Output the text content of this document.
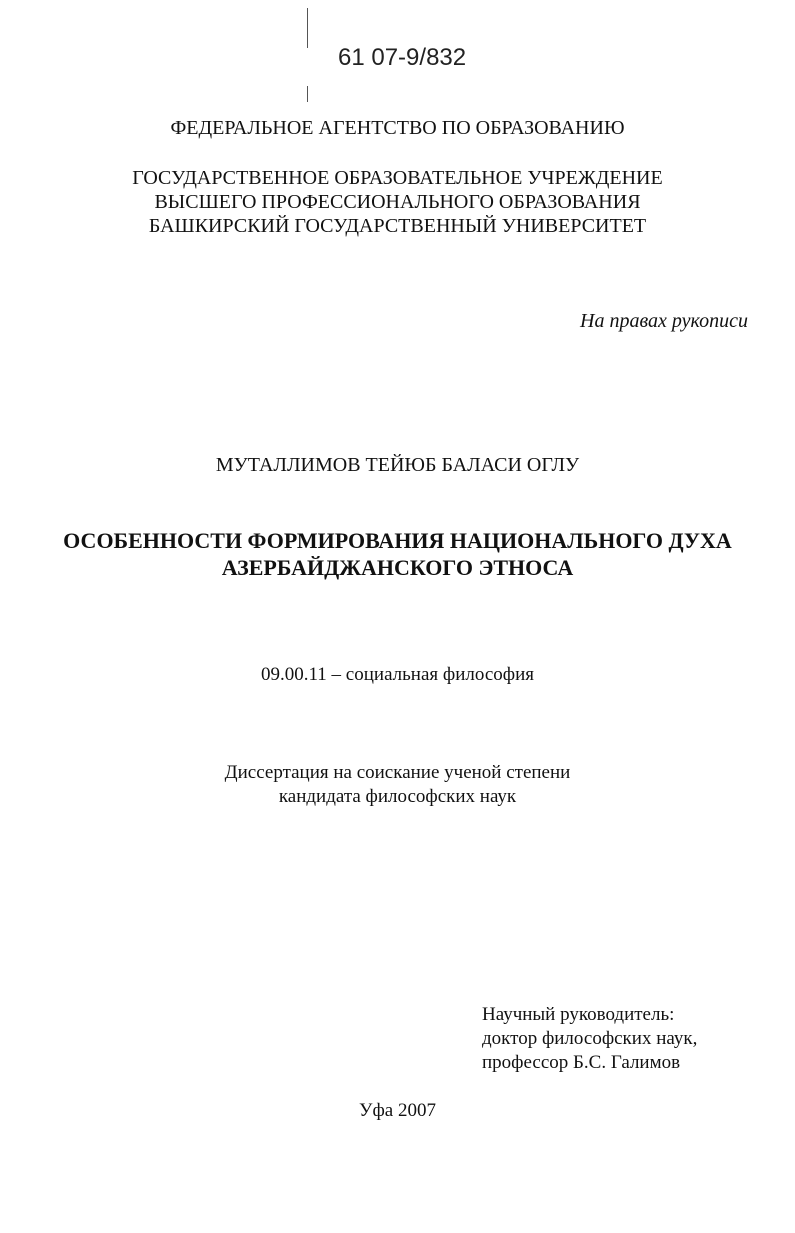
61 07-9/832
ФЕДЕРАЛЬНОЕ АГЕНТСТВО ПО ОБРАЗОВАНИЮ
ГОСУДАРСТВЕННОЕ ОБРАЗОВАТЕЛЬНОЕ УЧРЕЖДЕНИЕ
ВЫСШЕГО ПРОФЕССИОНАЛЬНОГО ОБРАЗОВАНИЯ
БАШКИРСКИЙ ГОСУДАРСТВЕННЫЙ УНИВЕРСИТЕТ
На правах рукописи
МУТАЛЛИМОВ ТЕЙЮБ БАЛАСИ ОГЛУ
ОСОБЕННОСТИ ФОРМИРОВАНИЯ НАЦИОНАЛЬНОГО ДУХА
АЗЕРБАЙДЖАНСКОГО ЭТНОСА
09.00.11 – социальная философия
Диссертация на соискание ученой степени
кандидата философских наук
Научный руководитель:
доктор философских наук,
профессор Б.С. Галимов
Уфа 2007
